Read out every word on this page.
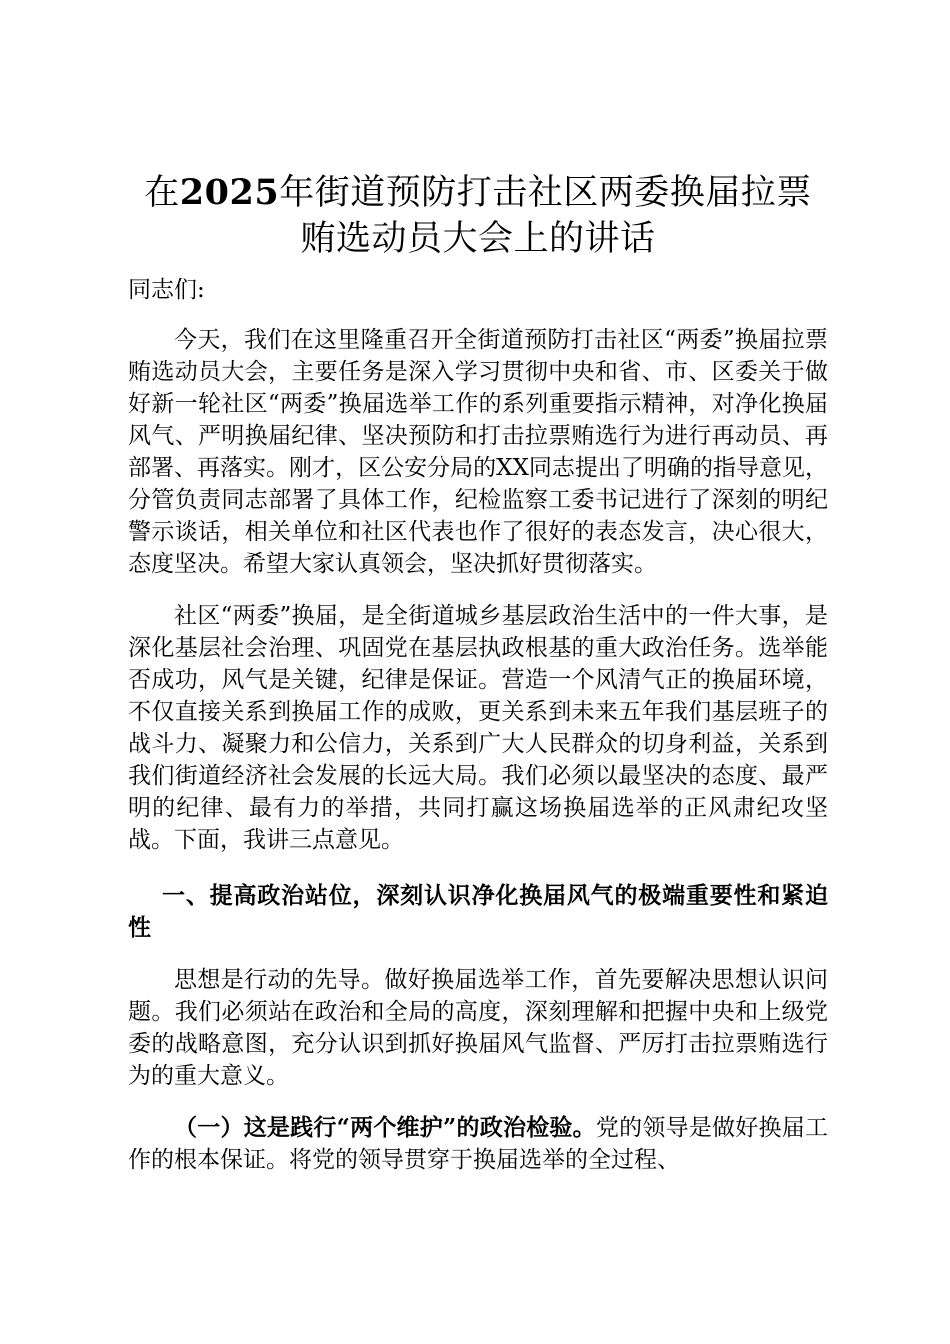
在2025年街道预防打击社区两委换届拉票贿选动员大会上的讲话

同志们:

今天，我们在这里隆重召开全街道预防打击社区“两委”换届拉票贿选动员大会，主要任务是深入学习贯彻中央和省、市、区委关于做好新一轮社区“两委”换届选举工作的系列重要指示精神，对净化换届风气、严明换届纪律、坚决预防和打击拉票贿选行为进行再动员、再部署、再落实。刚才，区公安分局的XX同志提出了明确的指导意见，分管负责同志部署了具体工作，纪检监察工委书记进行了深刻的明纪警示谈话，相关单位和社区代表也作了很好的表态发言，决心很大，态度坚决。希望大家认真领会，坚决抓好贯彻落实。

社区“两委”换届，是全街道城乡基层政治生活中的一件大事，是深化基层社会治理、巩固党在基层执政根基的重大政治任务。选举能否成功，风气是关键，纪律是保证。营造一个风清气正的换届环境，不仅直接关系到换届工作的成败，更关系到未来五年我们基层班子的战斗力、凝聚力和公信力，关系到广大人民群众的切身利益，关系到我们街道经济社会发展的长远大局。我们必须以最坚决的态度、最严明的纪律、最有力的举措，共同打赢这场换届选举的正风肃纪攻坚战。下面，我讲三点意见。

一、提高政治站位，深刻认识净化换届风气的极端重要性和紧迫性

思想是行动的先导。做好换届选举工作，首先要解决思想认识问题。我们必须站在政治和全局的高度，深刻理解和把握中央和上级党委的战略意图，充分认识到抓好换届风气监督、严厉打击拉票贿选行为的重大意义。

（一）这是践行“两个维护”的政治检验。党的领导是做好换届工作的根本保证。将党的领导贯穿于换届选举的全过程、
